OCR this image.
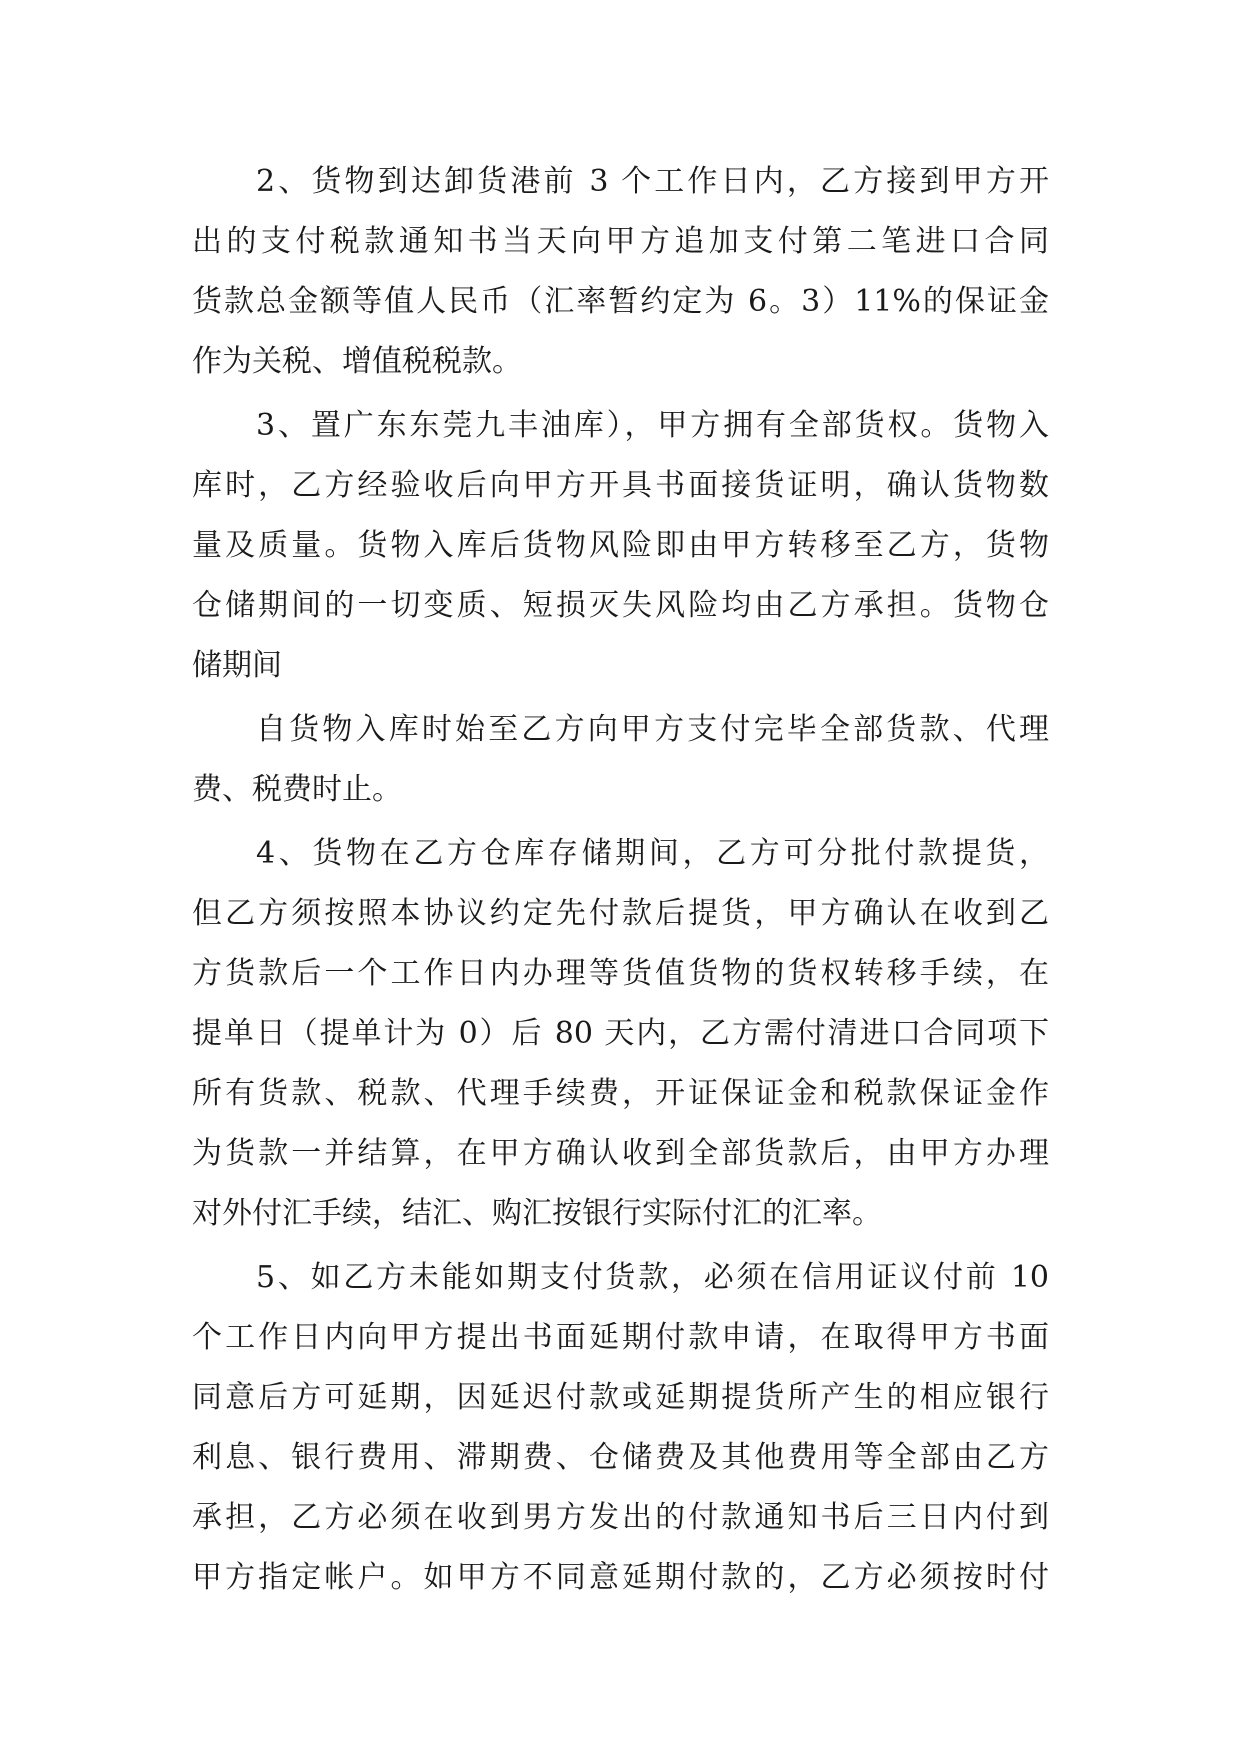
2、货物到达卸货港前 3 个工作日内，乙方接到甲方开
出的支付税款通知书当天向甲方追加支付第二笔进口合同
货款总金额等值人民币（汇率暂约定为 6。3）11%的保证金
作为关税、增值税税款。
3、置广东东莞九丰油库），甲方拥有全部货权。货物入
库时，乙方经验收后向甲方开具书面接货证明，确认货物数
量及质量。货物入库后货物风险即由甲方转移至乙方，货物
仓储期间的一切变质、短损灭失风险均由乙方承担。货物仓
储期间
自货物入库时始至乙方向甲方支付完毕全部货款、代理
费、税费时止。
4、货物在乙方仓库存储期间，乙方可分批付款提货，
但乙方须按照本协议约定先付款后提货，甲方确认在收到乙
方货款后一个工作日内办理等货值货物的货权转移手续，在
提单日（提单计为 0）后 80 天内，乙方需付清进口合同项下
所有货款、税款、代理手续费，开证保证金和税款保证金作
为货款一并结算，在甲方确认收到全部货款后，由甲方办理
对外付汇手续，结汇、购汇按银行实际付汇的汇率。
5、如乙方未能如期支付货款，必须在信用证议付前 10
个工作日内向甲方提出书面延期付款申请，在取得甲方书面
同意后方可延期，因延迟付款或延期提货所产生的相应银行
利息、银行费用、滞期费、仓储费及其他费用等全部由乙方
承担，乙方必须在收到男方发出的付款通知书后三日内付到
甲方指定帐户。如甲方不同意延期付款的，乙方必须按时付
